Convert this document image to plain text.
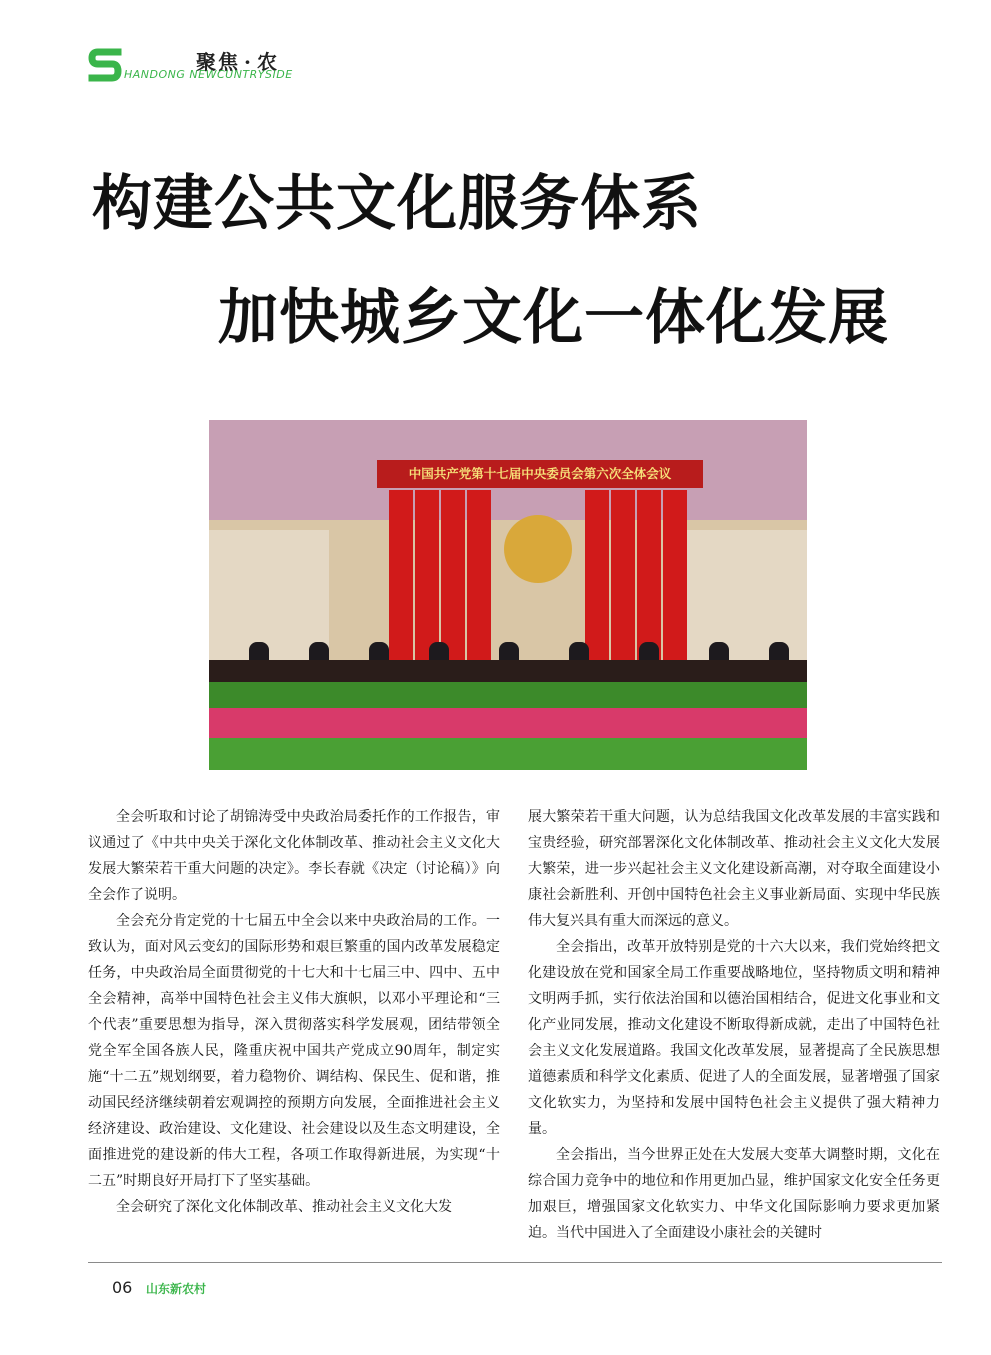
聚焦 · 农
HANDONG NEWCUNTRYSIDE
构建公共文化服务体系
加快城乡文化一体化发展
中国共产党第十七届中央委员会第六次全体会议

全会听取和讨论了胡锦涛受中央政治局委托作的工作报告，审议通过了《中共中央关于深化文化体制改革、推动社会主义文化大发展大繁荣若干重大问题的决定》。李长春就《决定（讨论稿）》向全会作了说明。

全会充分肯定党的十七届五中全会以来中央政治局的工作。一致认为，面对风云变幻的国际形势和艰巨繁重的国内改革发展稳定任务，中央政治局全面贯彻党的十七大和十七届三中、四中、五中全会精神，高举中国特色社会主义伟大旗帜，以邓小平理论和“三个代表”重要思想为指导，深入贯彻落实科学发展观，团结带领全党全军全国各族人民，隆重庆祝中国共产党成立90周年，制定实施“十二五”规划纲要，着力稳物价、调结构、保民生、促和谐，推动国民经济继续朝着宏观调控的预期方向发展，全面推进社会主义经济建设、政治建设、文化建设、社会建设以及生态文明建设，全面推进党的建设新的伟大工程，各项工作取得新进展，为实现“十二五”时期良好开局打下了坚实基础。

全会研究了深化文化体制改革、推动社会主义文化大发

展大繁荣若干重大问题，认为总结我国文化改革发展的丰富实践和宝贵经验，研究部署深化文化体制改革、推动社会主义文化大发展大繁荣，进一步兴起社会主义文化建设新高潮，对夺取全面建设小康社会新胜利、开创中国特色社会主义事业新局面、实现中华民族伟大复兴具有重大而深远的意义。

全会指出，改革开放特别是党的十六大以来，我们党始终把文化建设放在党和国家全局工作重要战略地位，坚持物质文明和精神文明两手抓，实行依法治国和以德治国相结合，促进文化事业和文化产业同发展，推动文化建设不断取得新成就，走出了中国特色社会主义文化发展道路。我国文化改革发展，显著提高了全民族思想道德素质和科学文化素质、促进了人的全面发展，显著增强了国家文化软实力，为坚持和发展中国特色社会主义提供了强大精神力量。

全会指出，当今世界正处在大发展大变革大调整时期，文化在综合国力竞争中的地位和作用更加凸显，维护国家文化安全任务更加艰巨，增强国家文化软实力、中华文化国际影响力要求更加紧迫。当代中国进入了全面建设小康社会的关键时

06 山东新农村
